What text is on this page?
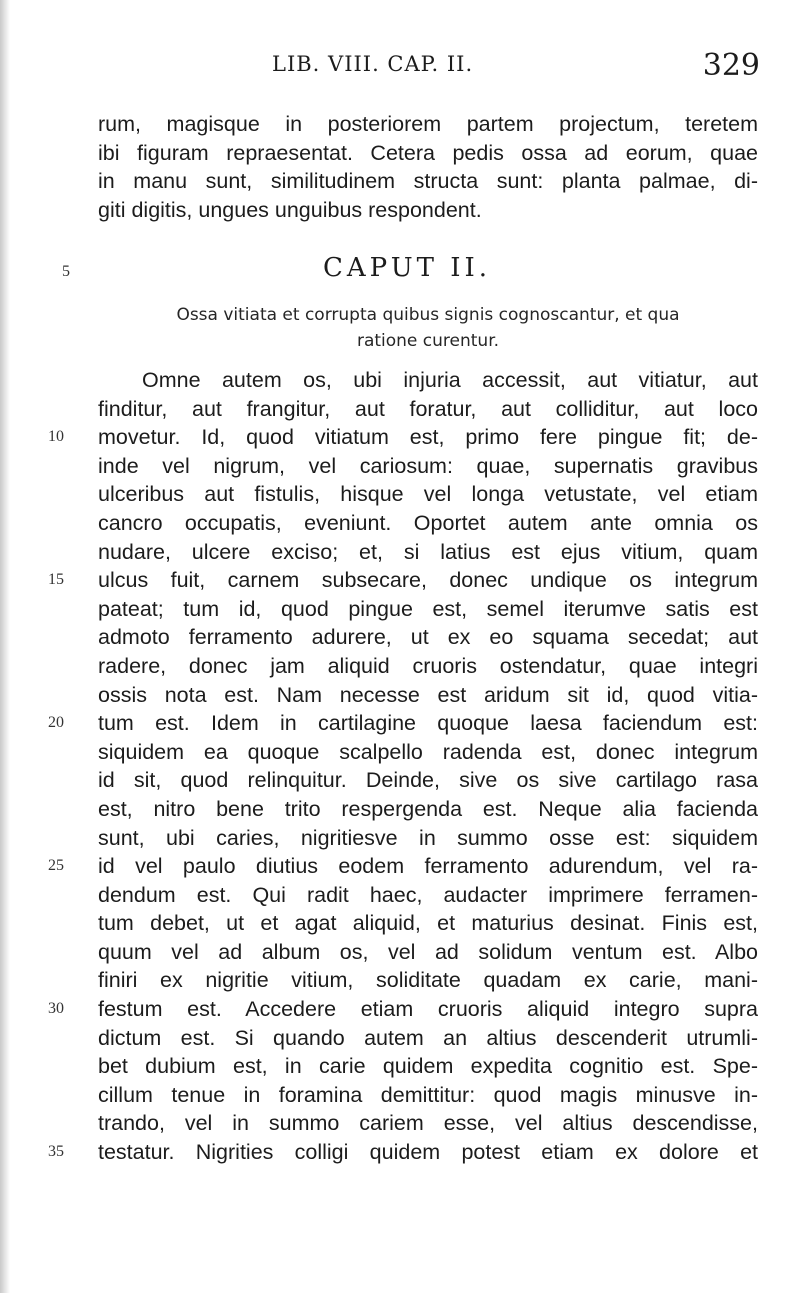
LIB. VIII. CAP. II.	329
rum, magisque in posteriorem partem projectum, teretem
ibi figuram repraesentat. Cetera pedis ossa ad eorum, quae
in manu sunt, similitudinem structa sunt: planta palmae, di-
giti digitis, ungues unguibus respondent.
5	CAPUT II.
Ossa vitiata et corrupta quibus signis cognoscantur, et qua
ratione curentur.
Omne autem os, ubi injuria accessit, aut vitiatur, aut
finditur, aut frangitur, aut foratur, aut colliditur, aut loco
10	movetur. Id, quod vitiatum est, primo fere pingue fit; de-
inde vel nigrum, vel cariosum: quae, supernatis gravibus
ulceribus aut fistulis, hisque vel longa vetustate, vel etiam
cancro occupatis, eveniunt. Oportet autem ante omnia os
nudare, ulcere exciso; et, si latius est ejus vitium, quam
15	ulcus fuit, carnem subsecare, donec undique os integrum
pateat; tum id, quod pingue est, semel iterumve satis est
admoto ferramento adurere, ut ex eo squama secedat; aut
radere, donec jam aliquid cruoris ostendatur, quae integri
ossis nota est. Nam necesse est aridum sit id, quod vitia-
20	tum est. Idem in cartilagine quoque laesa faciendum est:
siquidem ea quoque scalpello radenda est, donec integrum
id sit, quod relinquitur. Deinde, sive os sive cartilago rasa
est, nitro bene trito respergenda est. Neque alia facienda
sunt, ubi caries, nigritiesve in summo osse est: siquidem
25	id vel paulo diutius eodem ferramento adurendum, vel ra-
dendum est. Qui radit haec, audacter imprimere ferramen-
tum debet, ut et agat aliquid, et maturius desinat. Finis est,
quum vel ad album os, vel ad solidum ventum est. Albo
finiri ex nigritie vitium, soliditate quadam ex carie, mani-
30	festum est. Accedere etiam cruoris aliquid integro supra
dictum est. Si quando autem an altius descenderit utrumli-
bet dubium est, in carie quidem expedita cognitio est. Spe-
cillum tenue in foramina demittitur: quod magis minusve in-
trando, vel in summo cariem esse, vel altius descendisse,
35	testatur. Nigrities colligi quidem potest etiam ex dolore et
